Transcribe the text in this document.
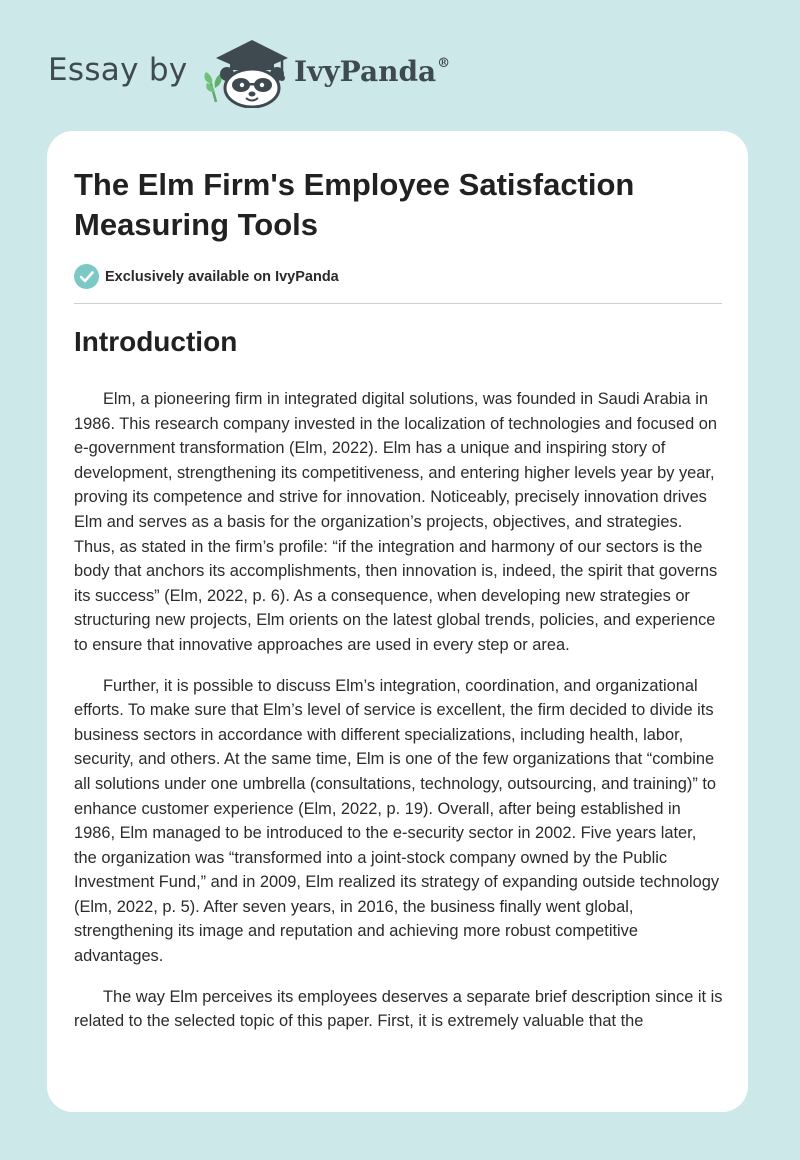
Essay by	IvyPanda®
The Elm Firm's Employee Satisfaction Measuring Tools
Exclusively available on IvyPanda
Introduction

Elm, a pioneering firm in integrated digital solutions, was founded in Saudi Arabia in 1986. This research company invested in the localization of technologies and focused on e-government transformation (Elm, 2022). Elm has a unique and inspiring story of development, strengthening its competitiveness, and entering higher levels year by year, proving its competence and strive for innovation. Noticeably, precisely innovation drives Elm and serves as a basis for the organization’s projects, objectives, and strategies. Thus, as stated in the firm’s profile: “if the integration and harmony of our sectors is the body that anchors its accomplishments, then innovation is, indeed, the spirit that governs its success” (Elm, 2022, p. 6). As a consequence, when developing new strategies or structuring new projects, Elm orients on the latest global trends, policies, and experience to ensure that innovative approaches are used in every step or area.

Further, it is possible to discuss Elm’s integration, coordination, and organizational efforts. To make sure that Elm’s level of service is excellent, the firm decided to divide its business sectors in accordance with different specializations, including health, labor, security, and others. At the same time, Elm is one of the few organizations that “combine all solutions under one umbrella (consultations, technology, outsourcing, and training)” to enhance customer experience (Elm, 2022, p. 19). Overall, after being established in 1986, Elm managed to be introduced to the e-security sector in 2002. Five years later, the organization was “transformed into a joint-stock company owned by the Public Investment Fund,” and in 2009, Elm realized its strategy of expanding outside technology (Elm, 2022, p. 5). After seven years, in 2016, the business finally went global, strengthening its image and reputation and achieving more robust competitive advantages.

The way Elm perceives its employees deserves a separate brief description since it is related to the selected topic of this paper. First, it is extremely valuable that the
